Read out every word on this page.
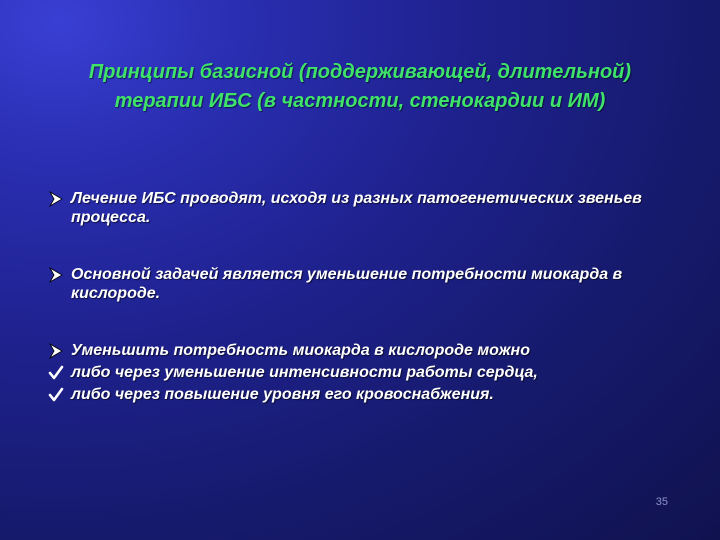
Принципы базисной (поддерживающей, длительной) терапии ИБС (в частности, стенокардии и ИМ)
Лечение ИБС проводят, исходя из разных патогенетических звеньев процесса.
Основной задачей является уменьшение потребности миокарда в кислороде.
Уменьшить потребность миокарда в кислороде можно
либо через уменьшение интенсивности работы сердца,
либо через повышение уровня его кровоснабжения.
35
